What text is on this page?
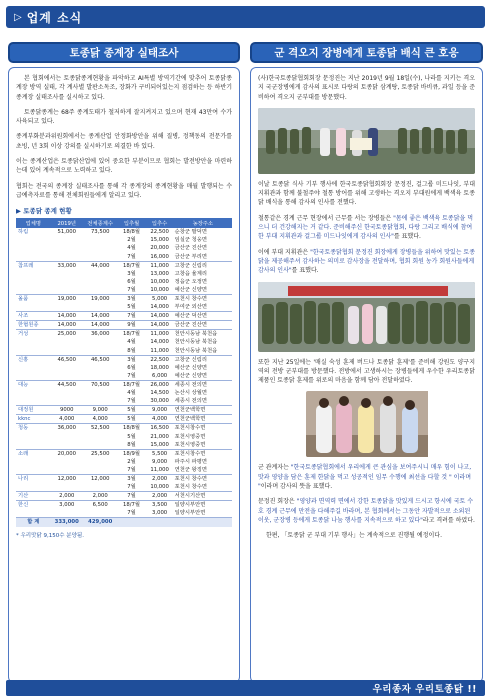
▷ 업계 소식
토종닭 종계장 실태조사

본 협회에서는 토종닭종계현황을 파악하고 AI특별 방역기간에 맞추어 토종닭종계장 방역 실태, 각 계사별 발판소독조, 장화가 구비되어있는지 점검하는 등 하반기 종계장 실태조사를 실시하고 있다.

토종닭종계는 68주 종계도태가 철저하게 잘지켜지고 있으며 현재 43만여 수가 사육되고 있다.

종계부화분과위원회에서는 종계산업 안정화방안을 위해 질병, 정책동의 전문가를 초빙, 년 3회 이상 강의를 실시하기로 의결한 바 있다.

이는 종계산업은 토종닭산업에 있어 중요한 부분이므로 협회는 발전방안을 마련하는데 있어 계속적으로 노력하고 있다.

협회는 전국의 종계장 실태조사를 통해 각 종계장의 종계현황을 매월 발행되는 수급예측자료를 통해 전체회원들에게 알리고 있다.

▶ 토종닭 종계 현황
업체명	2019년	전체종계수	입추월	입추수	농장주소
하림	51,000	73,500	18/8월	22,500	순창군 팔덕면
			2월	15,000	임실군 청웅면
			4월	20,000	금산군 진산면
			7월	16,000	금산군 부리면
참프레	33,000	44,000	18/7월	11,000	고창군 신림리
			3월	13,000	고창읍 율계리
			6월	10,000	정읍군 오정면
			7월	10,000	예산군 신양면
올품	19,000	19,000	3월	5,000	포천시 창수면
			5월	14,000	부여군 외산면
사조	14,000	14,000	7월	14,000	예산군 덕산면
한협원종	14,000	14,000	9월	14,000	금산군 진산면
거성	25,000	36,000	18/7월	11,000	천안시동남 북천읍
			4월	14,000	천안시동남 북천읍
			8월	11,000	천안시동남 북천읍
신홍	46,500	46,500	3월	22,500	고창군 신림리
			6월	18,000	예산군 신양면
			7월	6,000	예산군 신양면
대능	44,500	70,500	18/7월	26,000	세종시 전의면
			4월	14,500	논산시 상월면
			7월	30,000	세종시 전의면
대정원	9000	9,000	5월	9,000	연천군백학면
kknc	4,000	4,000	5월	4,000	연천군백학면
청동	36,000	52,500	18/8월	16,500	포천시창수면
			5월	21,000	포천시영중면
			8월	15,000	포천시영중면
소래	20,000	25,500	18/9월	5,500	포천시창수면
			2월	9,000	파주시 파평면
			7월	11,000	연천군 왕징면
나리	12,000	12,000	3월	2,000	포천시 창수면
			7월	10,000	포천시 창수면
기산	2,000	2,000	7월	2,000	서천시기산면
한신	3,000	6,500	18/7월	3,500	일양시부안면
			7월	3,000	일양시부안면
합 계	333,000	429,000			
* 우리맛닭 9,150수 분양됨.
군 격오지 장병에게 토종닭 배식 큰 호응

(사)한국토종닭협회회장 문정진는 지난 2019년 9월 18일(수), 나라를 지키는 격오지 국군장병에게 감사의 표시로 다랑의 토종닭 삼계탕, 토종닭 바비큐, 과일 등을 준비하여 격오지 군부대를 방문했다.

이날 토종닭 식사 기부 행사에 한국토종닭협회회장 문정진, 걸그룹 미드나잇, 부대 지휘관과 함께 불철주야 철통 방어를 위해 고생하는 격오지 부대원에게 백색육 토종닭 배식을 통해 감사의 인사를 전했다.

철통같은 경계 근무 현장에서 근무를 서는 장병들은 "몸에 좋은 백색육 토종닭을 먹으니 더 건강해지는 거 같다. 준비해주신 한국토종닭협회, 다랑 그리고 배식에 참여한 부대 지휘관과 걸그룹 미드나잇에게 감사의 인사"를 표했다.

이에 부대 지휘관은 "한국토종닭협회 문정진 회장에게 장병들을 위하여 맛있는 토종닭을 제공해주셔 감사하는 의미로 감사장을 전달하며, 협회 회원 농가 회원사들에게 감사의 인사"를 표했다.

또한 지난 25일에는 '매실 숙성 훈제 버드나 토종닭 훈제'를 준비해 강원도 양구지역의 전방 군부대를 방문했다. 전방에서 고생하시는 장병들에게 우수한 우리토종닭 제품인 토종닭 훈제를 위로의 마음을 함께 담아 전달하였다.

군 관계자는 "한국토종닭협회에서 우리에게 큰 관심을 보여주시니 매우 힘이 나고, 맛과 영양을 담은 훈제 한닭을 먹고 성공적인 임무 수행에 최선을 다할 것 " 이라며 "이라며 감사의 뜻을 표했다.

문정진 회장은 "영양과 면역력 면에서 강한 토종닭을 맛있게 드시고 항시에 국토 수호 경계 근무에 만전을 다해주길 바라며, 본 협회에서는 그동안 자발적으로 소외된 이웃, 군장병 등에게 토종닭 나눔 행사를 지속적으로 하고 있다"라고 격려를 하였다.

한편, 「토종닭 군 부대 기부 행사」는 계속적으로 진행될 예정이다.

우리종자 우리토종닭 !!
